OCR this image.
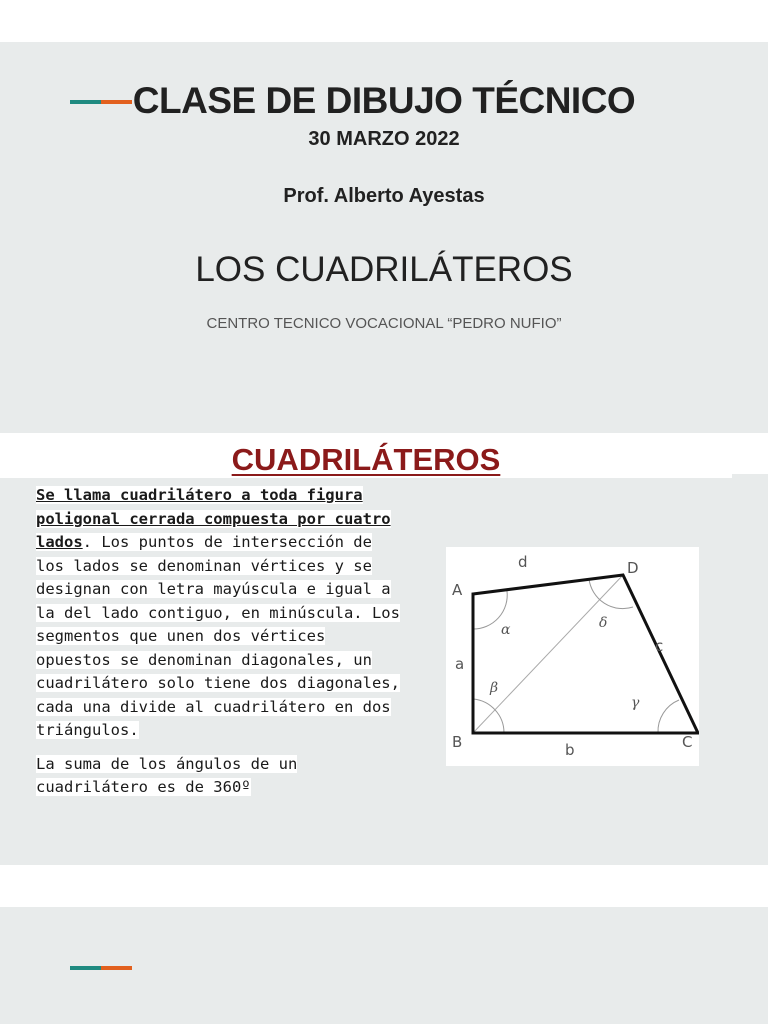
CLASE DE DIBUJO TÉCNICO
30 MARZO 2022
Prof. Alberto Ayestas
LOS CUADRILÁTEROS
CENTRO TECNICO VOCACIONAL “PEDRO NUFIO”
CUADRILÁTEROS
Se llama cuadrilátero a toda figura poligonal cerrada compuesta por cuatro lados. Los puntos de intersección de los lados se denominan vértices y se designan con letra mayúscula e igual a la del lado contiguo, en minúscula. Los segmentos que unen dos vértices opuestos se denominan diagonales, un cuadrilátero solo tiene dos diagonales, cada una divide al cuadrilátero en dos triángulos.
La suma de los ángulos de un cuadrilátero es de 360º
A
B	C
D
a
b
c
d
α
β
γ
δ
